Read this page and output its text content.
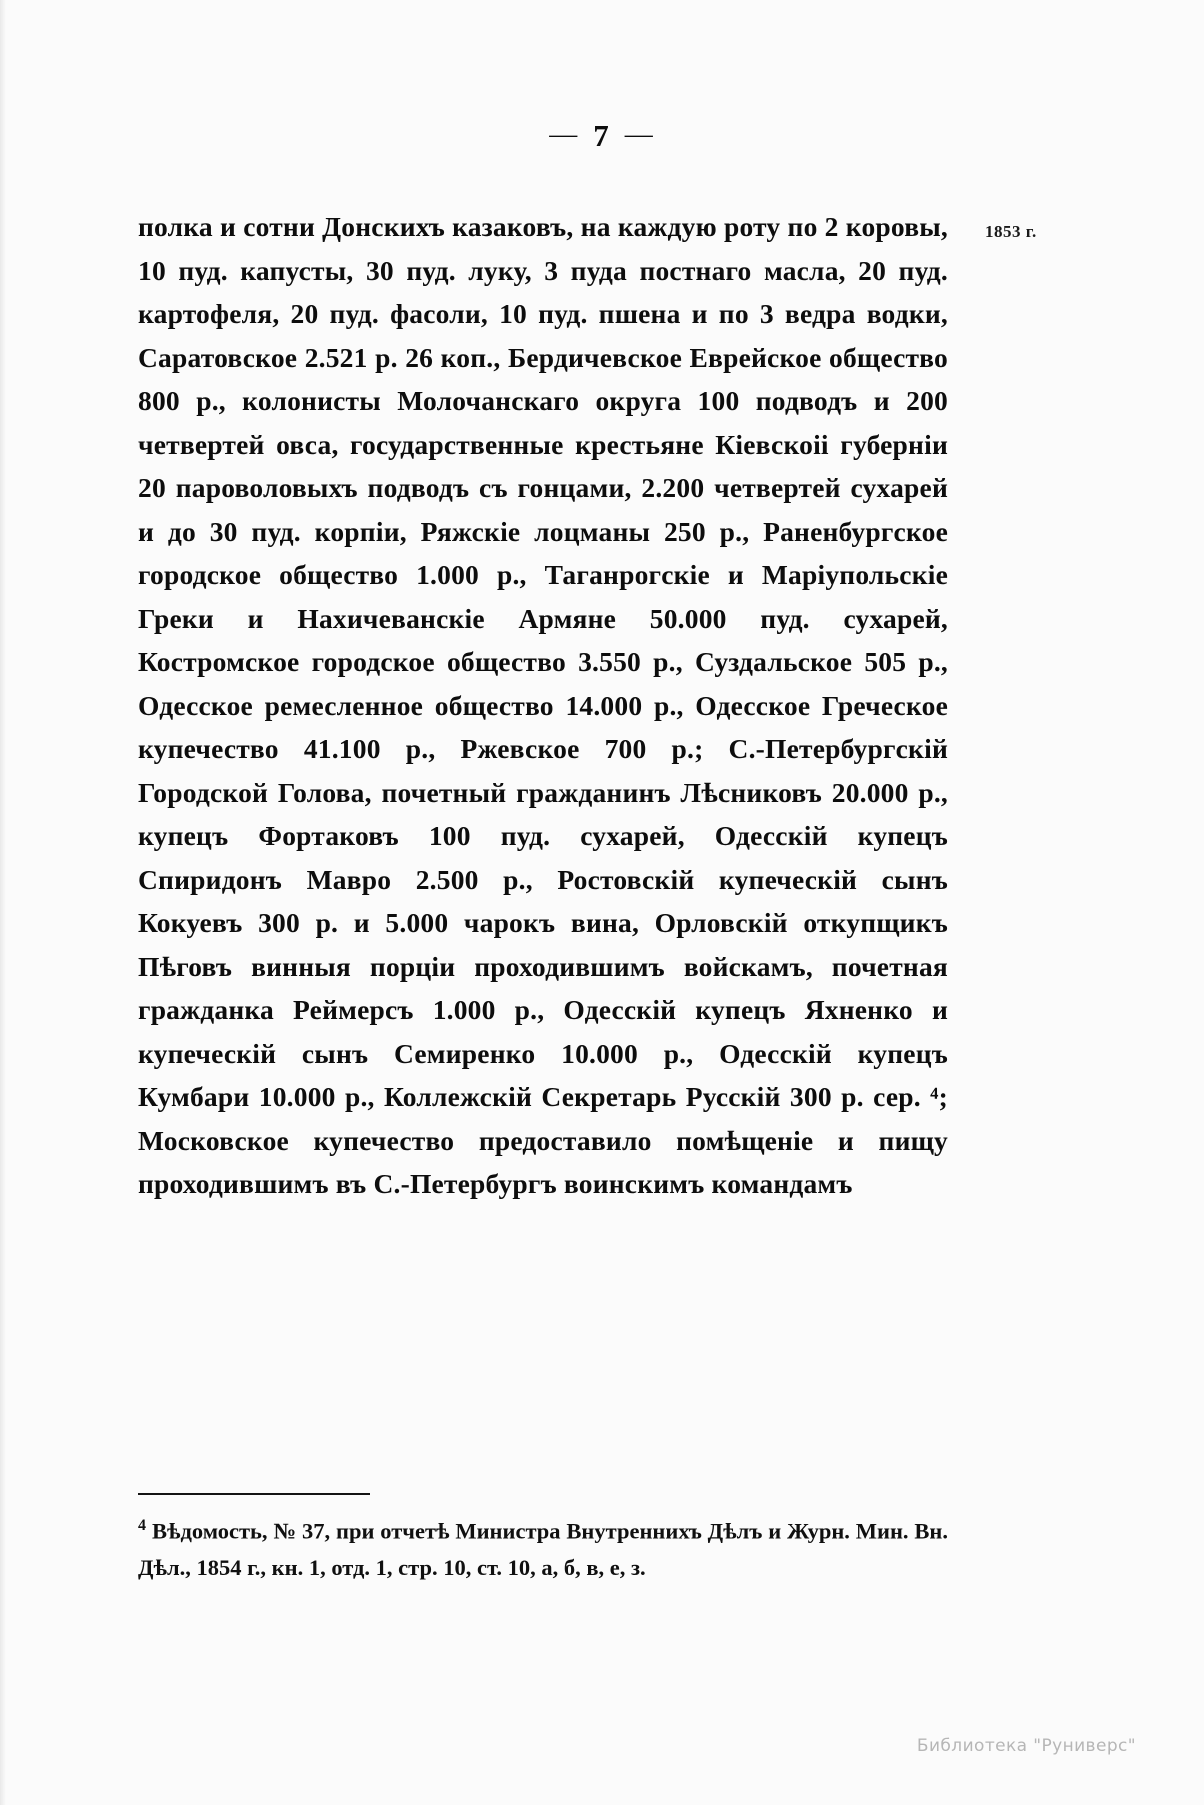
— 7 —
1853 г.

полка и сотни Донскихъ казаковъ, на каждую роту по 2 коровы, 10 пуд. капусты, 30 пуд. луку, 3 пуда постнаго масла, 20 пуд. картофеля, 20 пуд. фасоли, 10 пуд. пшена и по 3 ведра водки, Саратовское 2.521 р. 26 коп., Бердичевское Еврейское общество 800 р., колонисты Молочанскаго округа 100 подводъ и 200 четвертей овса, государственные крестьяне Кіевскоіі губерніи 20 пароволовыхъ подводъ съ гонцами, 2.200 четвертей сухарей и до 30 пуд. корпіи, Ряжскіе лоцманы 250 р., Раненбургское городское общество 1.000 р., Таганрогскіе и Маріупольскіе Греки и Нахичеванскіе Армяне 50.000 пуд. сухарей, Костромское городское общество 3.550 р., Суздальское 505 р., Одесское ремесленное общество 14.000 р., Одесское Греческое купечество 41.100 р., Ржевское 700 р.; С.-Петербургскій Городской Голова, почетный гражданинъ Лѣсниковъ 20.000 р., купецъ Фортаковъ 100 пуд. сухарей, Одесскій купецъ Спиридонъ Мавро 2.500 р., Ростовскій купеческій сынъ Кокуевъ 300 р. и 5.000 чарокъ вина, Орловскій откупщикъ Пѣговъ винныя порціи проходившимъ войскамъ, почетная гражданка Реймерсъ 1.000 р., Одесскій купецъ Яхненко и купеческій сынъ Семиренко 10.000 р., Одесскій купецъ Кумбари 10.000 р., Коллежскій Секретарь Русскій 300 р. сер. ⁴; Московское купечество предоставило помѣщеніе и пищу проходившимъ въ С.-Петербургъ воинскимъ командамъ

$^4$ Вѣдомость, № 37, при отчетѣ Министра Внутреннихъ Дѣлъ и Журн. Мин. Вн. Дѣл., 1854 г., кн. 1, отд. 1, стр. 10, ст. 10, а, б, в, е, з.

Библиотека "Руниверс"
